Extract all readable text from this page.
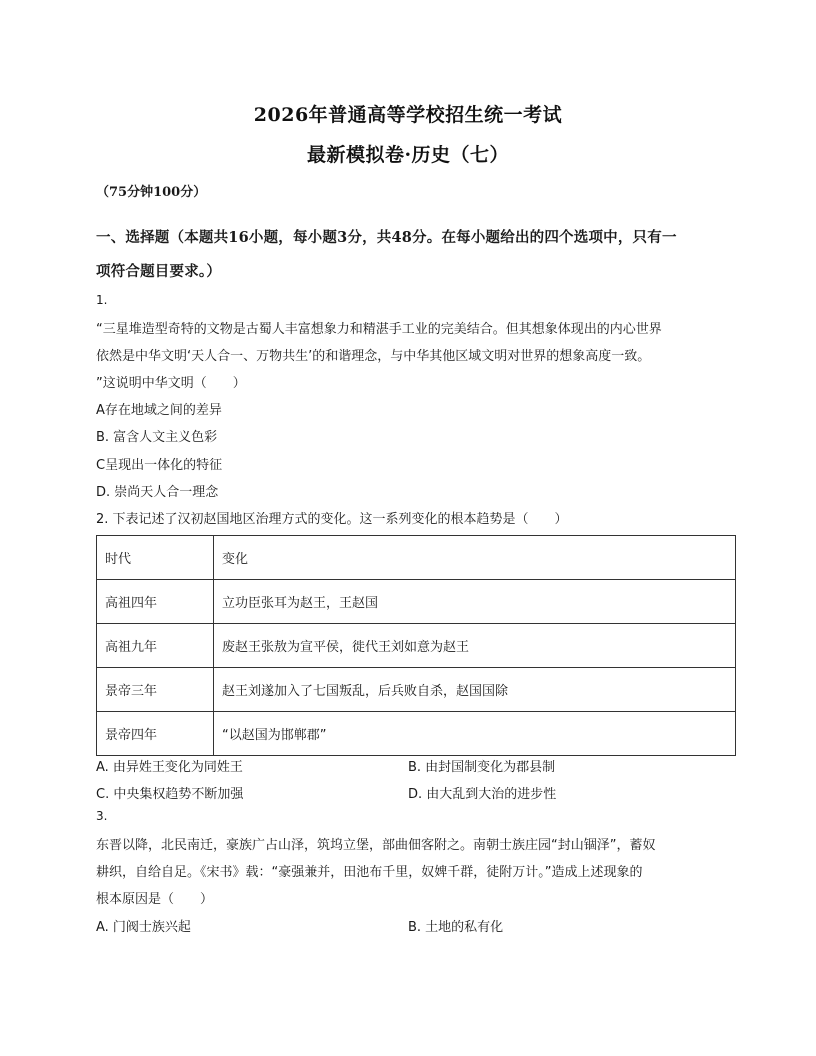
2026年普通高等学校招生统一考试
最新模拟卷·历史（七）
（75分钟100分）
一、选择题（本题共16小题，每小题3分，共48分。在每小题给出的四个选项中，只有一
项符合题目要求。）
1.
“三星堆造型奇特的文物是古蜀人丰富想象力和精湛手工业的完美结合。但其想象体现出的内心世界
依然是中华文明‘天人合一、万物共生’的和谐理念，与中华其他区域文明对世界的想象高度一致。
”这说明中华文明（　　）
A存在地域之间的差异
B. 富含人文主义色彩
C呈现出一体化的特征
D. 崇尚天人合一理念
2. 下表记述了汉初赵国地区治理方式的变化。这一系列变化的根本趋势是（　　）
时代	变化
高祖四年	立功臣张耳为赵王，王赵国
高祖九年	废赵王张敖为宣平侯，徙代王刘如意为赵王
景帝三年	赵王刘遂加入了七国叛乱，后兵败自杀，赵国国除
景帝四年	“以赵国为邯郸郡”
A. 由异姓王变化为同姓王	B. 由封国制变化为郡县制
C. 中央集权趋势不断加强	D. 由大乱到大治的进步性
3.
东晋以降，北民南迁，豪族广占山泽，筑坞立堡，部曲佃客附之。南朝士族庄园“封山锢泽”，蓄奴
耕织，自给自足。《宋书》载：“豪强兼并，田池布千里，奴婢千群，徒附万计。”造成上述现象的
根本原因是（　　）
A. 门阀士族兴起	B. 土地的私有化
